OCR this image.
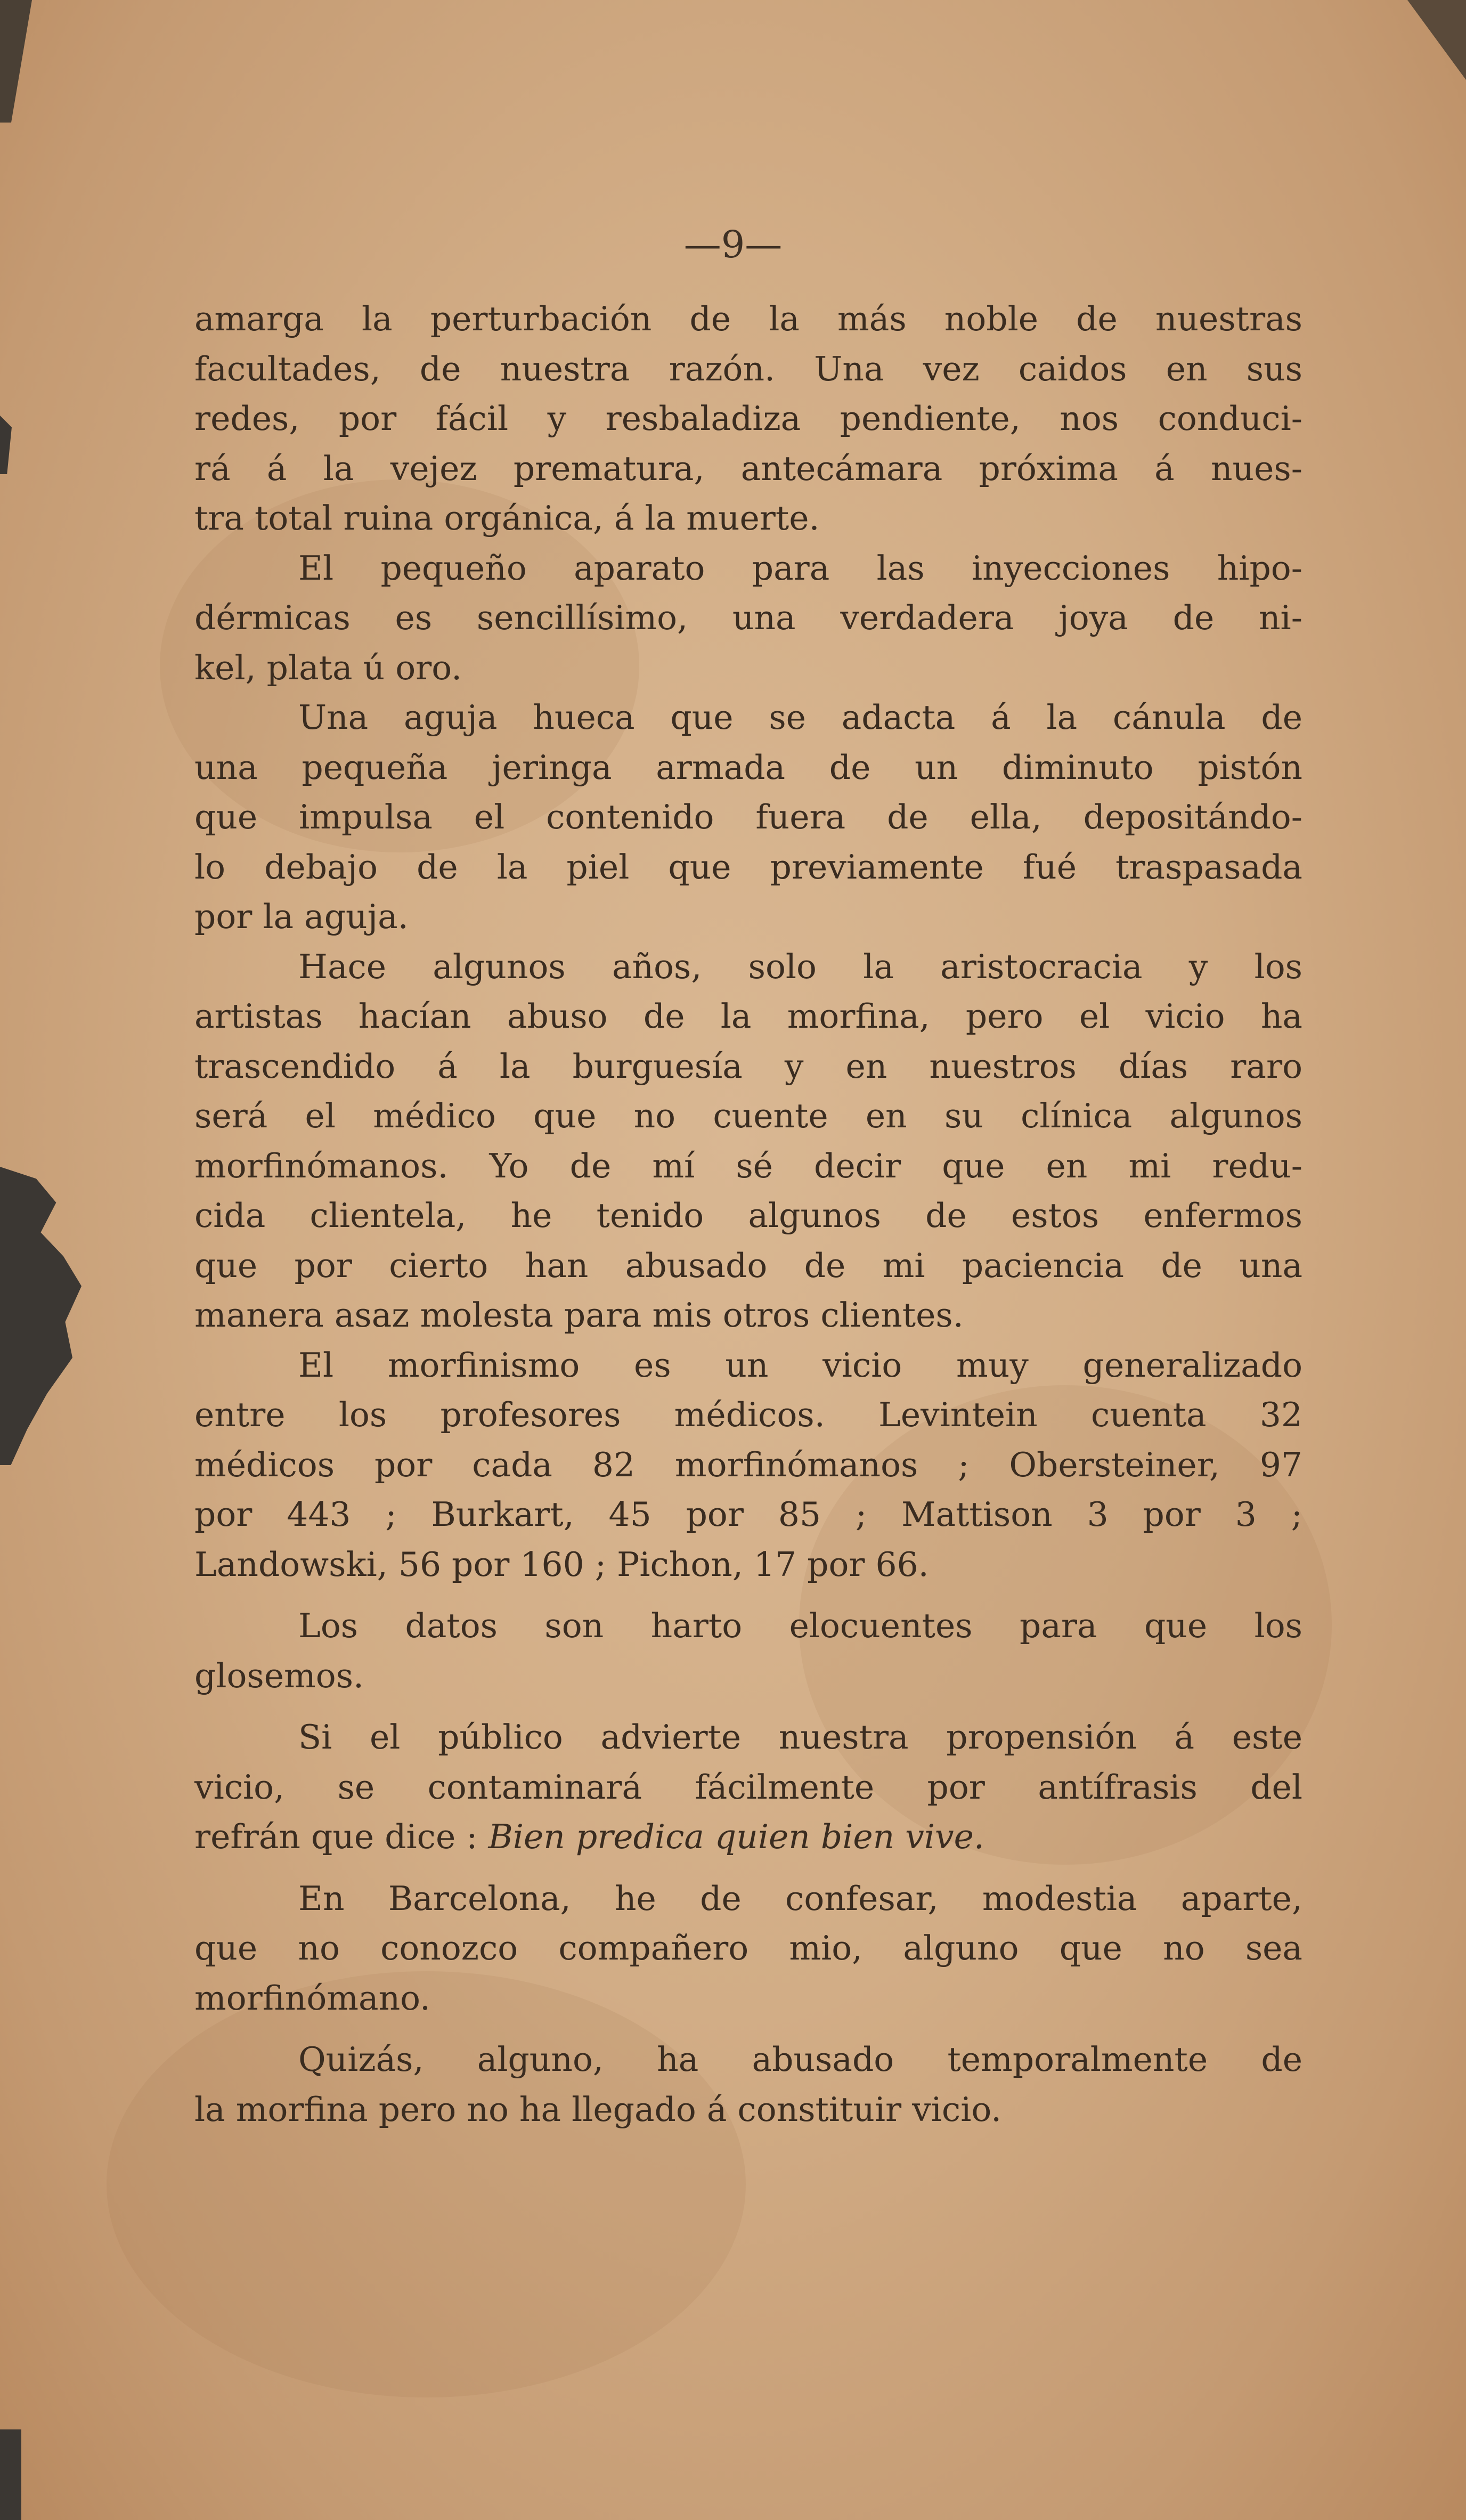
—9—

amarga la perturbación de la más noble de nuestras
facultades, de nuestra razón. Una vez caidos en sus
redes, por fácil y resbaladiza pendiente, nos conduci-
rá á la vejez prematura, antecámara próxima á nues-
tra total ruina orgánica, á la muerte.

El pequeño aparato para las inyecciones hipo-
dérmicas es sencillísimo, una verdadera joya de ni-
kel, plata ú oro.

Una aguja hueca que se adacta á la cánula de
una pequeña jeringa armada de un diminuto pistón
que impulsa el contenido fuera de ella, depositándo-
lo debajo de la piel que previamente fué traspasada
por la aguja.

Hace algunos años, solo la aristocracia y los
artistas hacían abuso de la morfina, pero el vicio ha
trascendido á la burguesía y en nuestros días raro
será el médico que no cuente en su clínica algunos
morfinómanos. Yo de mí sé decir que en mi redu-
cida clientela, he tenido algunos de estos enfermos
que por cierto han abusado de mi paciencia de una
manera asaz molesta para mis otros clientes.

El morfinismo es un vicio muy generalizado
entre los profesores médicos. Levintein cuenta 32
médicos por cada 82 morfinómanos ; Obersteiner, 97
por 443 ; Burkart, 45 por 85 ; Mattison 3 por 3 ;
Landowski, 56 por 160 ; Pichon, 17 por 66.

Los datos son harto elocuentes para que los
glosemos.

Si el público advierte nuestra propensión á este
vicio, se contaminará fácilmente por antífrasis del
refrán que dice : Bien predica quien bien vive.

En Barcelona, he de confesar, modestia aparte,
que no conozco compañero mio, alguno que no sea
morfinómano.

Quizás, alguno, ha abusado temporalmente de
la morfina pero no ha llegado á constituir vicio.
